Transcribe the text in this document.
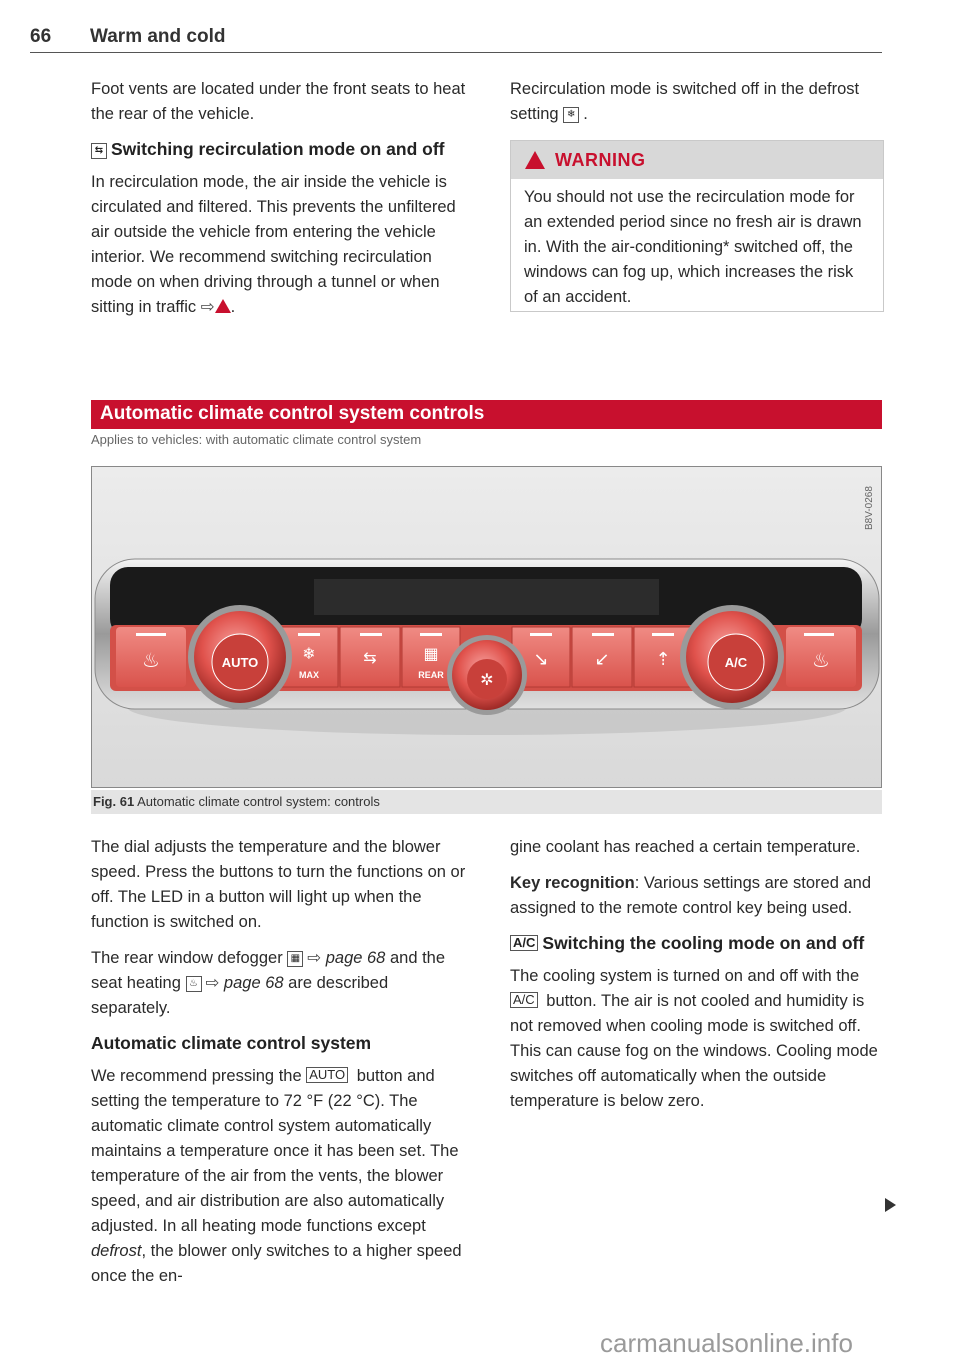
66 Warm and cold

Foot vents are located under the front seats to heat the rear of the vehicle.

⇆ Switching recirculation mode on and off

In recirculation mode, the air inside the vehicle is circulated and filtered. This prevents the unfiltered air outside the vehicle from entering the vehicle interior. We recommend switching recirculation mode on when driving through a tunnel or when sitting in traffic ⇨ .

Recirculation mode is switched off in the defrost setting ❄ .

WARNING
You should not use the recirculation mode for an extended period since no fresh air is drawn in. With the air-conditioning* switched off, the windows can fog up, which increases the risk of an accident.
Automatic climate control system controls
Applies to vehicles: with automatic climate control system
✲
♨	♨
❄	⇆	▦	↘	↙	⇡
AUTO
MAX	REAR
A/C
B8V-0268
Fig. 61 Automatic climate control system: controls

The dial adjusts the temperature and the blower speed. Press the buttons to turn the functions on or off. The LED in a button will light up when the function is switched on.

The rear window defogger ▦ ⇨ page 68 and the seat heating ♨ ⇨ page 68 are described separately.

Automatic climate control system

We recommend pressing the AUTO button and setting the temperature to 72 °F (22 °C). The automatic climate control system automatically maintains a temperature once it has been set. The temperature of the air from the vents, the blower speed, and air distribution are also automatically adjusted. In all heating mode functions except defrost, the blower only switches to a higher speed once the en-

gine coolant has reached a certain temperature.

Key recognition: Various settings are stored and assigned to the remote control key being used.

A/C Switching the cooling mode on and off

The cooling system is turned on and off with the A/C button. The air is not cooled and humidity is not removed when cooling mode is switched off. This can cause fog on the windows. Cooling mode switches off automatically when the outside temperature is below zero.

carmanualsonline.info
